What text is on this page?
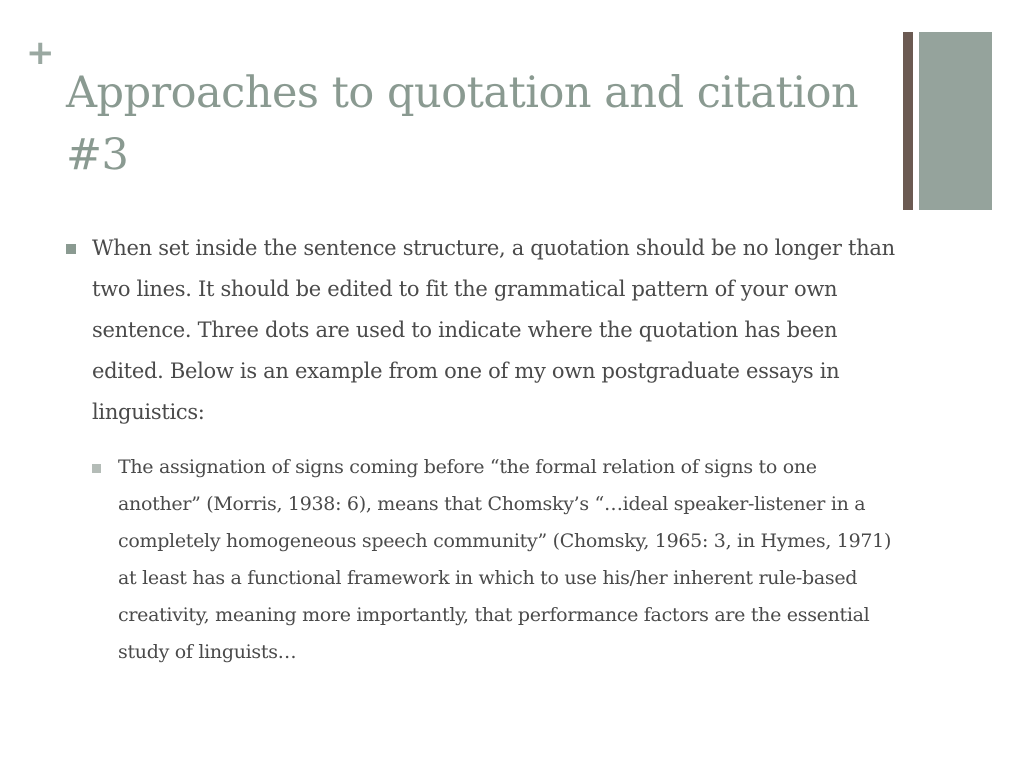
+
Approaches to quotation and citation #3
When set inside the sentence structure, a quotation should be no longer than two lines. It should be edited to fit the grammatical pattern of your own sentence. Three dots are used to indicate where the quotation has been edited. Below is an example from one of my own postgraduate essays in linguistics:
The assignation of signs coming before “the formal relation of signs to one another” (Morris, 1938: 6), means that Chomsky’s “…ideal speaker-listener in a completely homogeneous speech community” (Chomsky, 1965: 3, in Hymes, 1971) at least has a functional framework in which to use his/her inherent rule-based creativity, meaning more importantly, that performance factors are the essential study of linguists…
